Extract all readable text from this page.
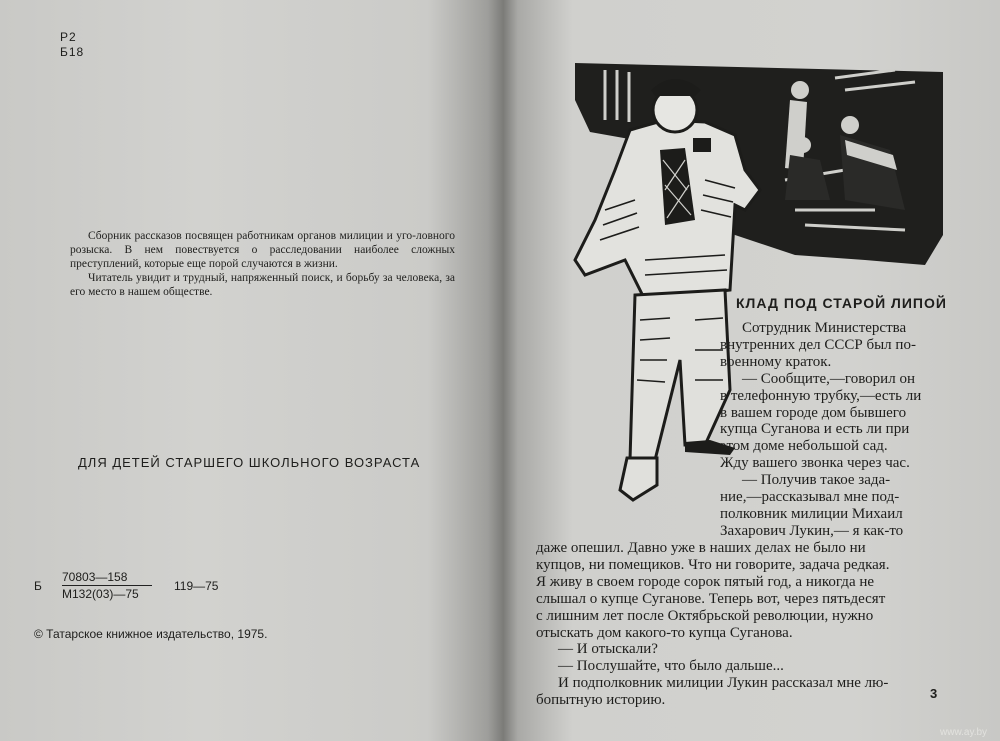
Р2
Б18

Сборник рассказов посвящен работникам органов милиции и уго-ловного розыска. В нем повествуется о расследовании наиболее сложных преступлений, которые еще порой случаются в жизни.

Читатель увидит и трудный, напряженный поиск, и борьбу за человека, за его место в нашем обществе.

ДЛЯ ДЕТЕЙ СТАРШЕГО ШКОЛЬНОГО ВОЗРАСТА
Б
70803—158
М132(03)—75
119—75
© Татарское книжное издательство, 1975.
КЛАД ПОД СТАРОЙ ЛИПОЙ
Сотрудник Министерства
внутренних дел СССР был по-
военному краток.
— Сообщите,—говорил он
в телефонную трубку,—есть ли
в вашем городе дом бывшего
купца Суганова и есть ли при
этом доме небольшой сад.
Жду вашего звонка через час.
— Получив такое зада-
ние,—рассказывал мне под-
полковник милиции Михаил
Захарович Лукин,— я как-то
даже опешил. Давно уже в наших делах не было ни
купцов, ни помещиков. Что ни говорите, задача редкая.
Я живу в своем городе сорок пятый год, а никогда не
слышал о купце Суганове. Теперь вот, через пятьдесят
с лишним лет после Октябрьской революции, нужно
отыскать дом какого-то купца Суганова.
— И отыскали?
— Послушайте, что было дальше...
И подполковник милиции Лукин рассказал мне лю-
бопытную историю.	3
www.ay.by
